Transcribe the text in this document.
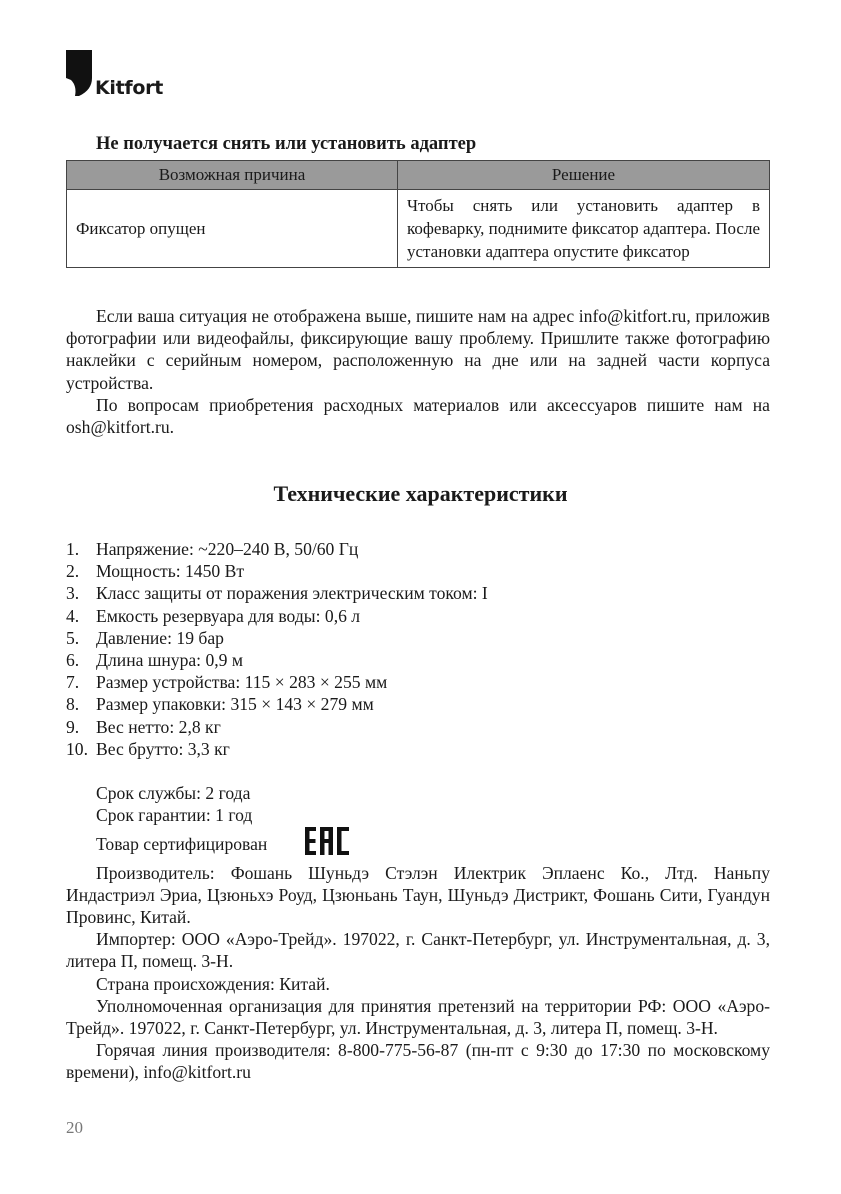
Kitfort
Не получается снять или установить адаптер
Возможная причина	Решение
Фиксатор опущен	Чтобы снять или установить адаптер в кофеварку, поднимите фиксатор адаптера. После установки адаптера опустите фиксатор

Если ваша ситуация не отображена выше, пишите нам на адрес info@kitfort.ru, приложив фотографии или видеофайлы, фиксирующие вашу проблему. Пришлите также фотографию наклейки с серийным номером, расположенную на дне или на задней части корпуса устройства.

По вопросам приобретения расходных материалов или аксессуаров пишите нам на osh@kitfort.ru.

Технические характеристики
1. Напряжение: ~220–240 В, 50/60 Гц
2. Мощность: 1450 Вт
3. Класс защиты от поражения электрическим током: I
4. Емкость резервуара для воды: 0,6 л
5. Давление: 19 бар
6. Длина шнура: 0,9 м
7. Размер устройства: 115 × 283 × 255 мм
8. Размер упаковки: 315 × 143 × 279 мм
9. Вес нетто: 2,8 кг
10. Вес брутто: 3,3 кг

Срок службы: 2 года

Срок гарантии: 1 год

Товар сертифицирован

Производитель: Фошань Шуньдэ Стэлэн Илектрик Эплаенс Ко., Лтд. Наньпу Индастриэл Эриа, Цзюньхэ Роуд, Цзюньань Таун, Шуньдэ Дистрикт, Фошань Сити, Гуандун Провинс, Китай.

Импортер: ООО «Аэро-Трейд». 197022, г. Санкт-Петербург, ул. Инструментальная, д. 3, литера П, помещ. 3-Н.

Страна происхождения: Китай.

Уполномоченная организация для принятия претензий на территории РФ: ООО «Аэро-Трейд». 197022, г. Санкт-Петербург, ул. Инструментальная, д. 3, литера П, помещ. 3-Н.

Горячая линия производителя: 8-800-775-56-87 (пн-пт с 9:30 до 17:30 по московскому времени), info@kitfort.ru

20
